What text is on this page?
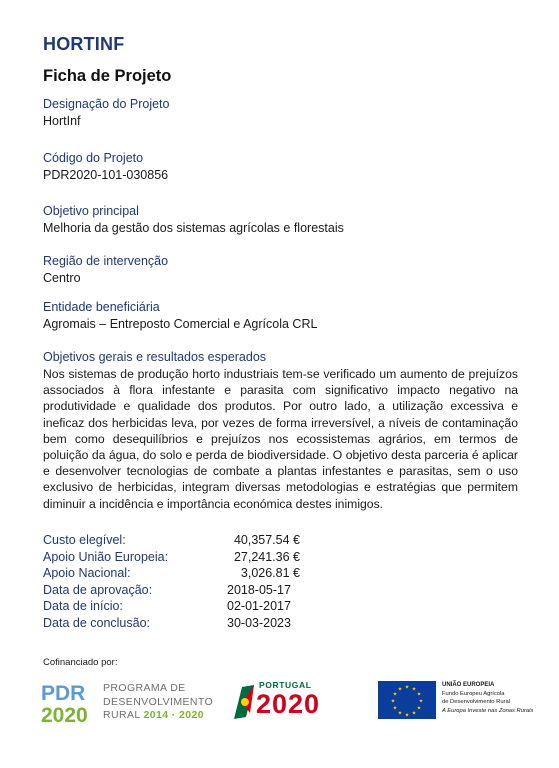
HORTINF
Ficha de Projeto
Designação do Projeto
HortInf
Código do Projeto
PDR2020-101-030856
Objetivo principal
Melhoria da gestão dos sistemas agrícolas e florestais
Região de intervenção
Centro
Entidade beneficiária
Agromais – Entreposto Comercial e Agrícola CRL
Objetivos gerais e resultados esperados
Nos sistemas de produção horto industriais tem-se verificado um aumento de prejuízos associados à flora infestante e parasita com significativo impacto negativo na produtividade e qualidade dos produtos. Por outro lado, a utilização excessiva e ineficaz dos herbicidas leva, por vezes de forma irreversível, a níveis de contaminação bem como desequilíbrios e prejuízos nos ecossistemas agrários, em termos de poluição da água, do solo e perda de biodiversidade. O objetivo desta parceria é aplicar e desenvolver tecnologias de combate a plantas infestantes e parasitas, sem o uso exclusivo de herbicidas, integram diversas metodologias e estratégias que permitem diminuir a incidência e importância económica destes inimigos.
Custo elegível:	40,357.54 €
Apoio União Europeia:	27,241.36 €
Apoio Nacional:	3,026.81 €
Data de aprovação:	2018-05-17
Data de início:	02-01-2017
Data de conclusão:	30-03-2023
Cofinanciado por:
PDR
2020
PROGRAMA DE
DESENVOLVIMENTO
RURAL 2014 · 2020
PORTUGAL
2020
★ ★
★
★
★
★
★
★
★
★
★
★
UNIÃO EUROPEIA
Fundo Europeu Agrícola
de Desenvolvimento Rural
A Europa Investe nas Zonas Rurais
